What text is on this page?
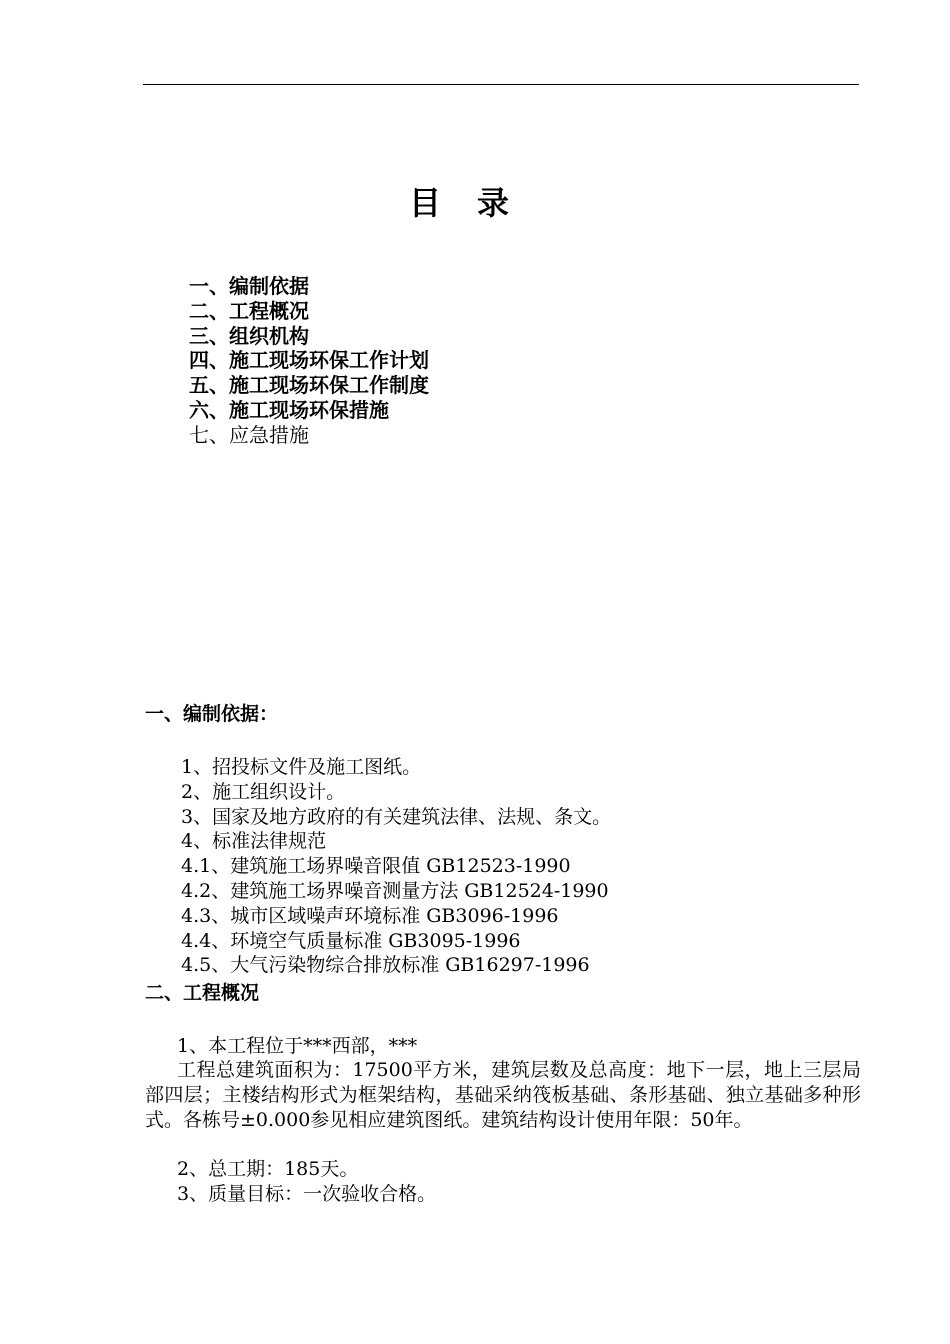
目　录
一、编制依据
二、工程概况
三、组织机构
四、施工现场环保工作计划
五、施工现场环保工作制度
六、施工现场环保措施
七、应急措施
一、编制依据：
1、招投标文件及施工图纸。
2、施工组织设计。
3、国家及地方政府的有关建筑法律、法规、条文。
4、标准法律规范
4.1、建筑施工场界噪音限值 GB12523-1990
4.2、建筑施工场界噪音测量方法 GB12524-1990
4.3、城市区域噪声环境标准 GB3096-1996
4.4、环境空气质量标准 GB3095-1996
4.5、大气污染物综合排放标准 GB16297-1996
二、工程概况
1、本工程位于***西部，***

工程总建筑面积为：17500平方米，建筑层数及总高度：地下一层，地上三层局部四层；主楼结构形式为框架结构，基础采纳筏板基础、条形基础、独立基础多种形式。各栋号±0.000参见相应建筑图纸。建筑结构设计使用年限：50年。

2、总工期：185天。
3、质量目标：一次验收合格。
